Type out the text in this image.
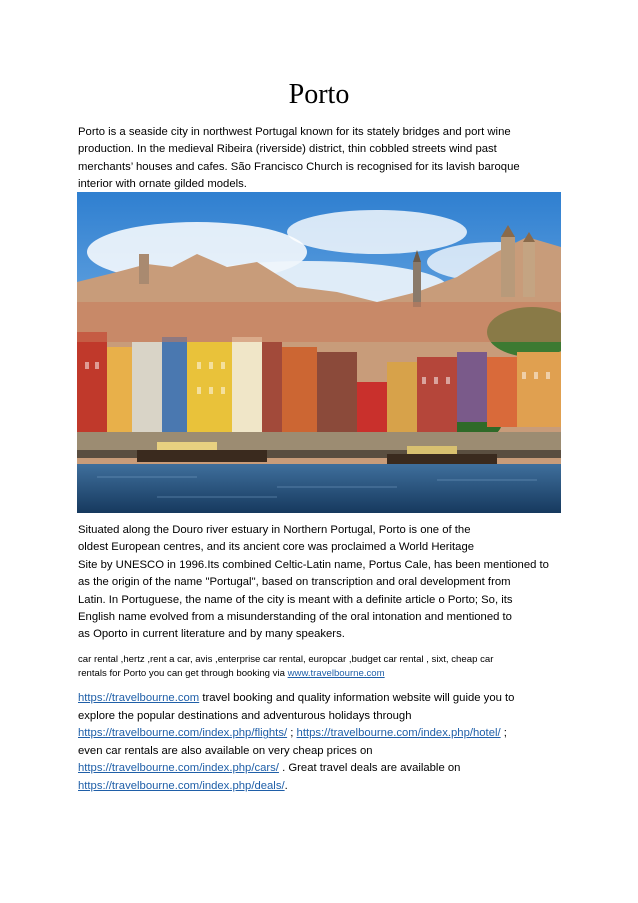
Porto

Porto is a seaside city in northwest Portugal known for its stately bridges and port wine
production. In the medieval Ribeira (riverside) district, thin cobbled streets wind past
merchants’ houses and cafes. São Francisco Church is recognised for its lavish baroque
interior with ornate gilded models.

Situated along the Douro river estuary in Northern Portugal, Porto is one of the
oldest European centres, and its ancient core was proclaimed a World Heritage
Site by UNESCO in 1996.Its combined Celtic-Latin name, Portus Cale, has been mentioned to
as the origin of the name "Portugal", based on transcription and oral development from
Latin. In Portuguese, the name of the city is meant with a definite article o Porto; So, its
English name evolved from a misunderstanding of the oral intonation and mentioned to
as Oporto in current literature and by many speakers.

car rental ,hertz ,rent a car, avis ,enterprise car rental, europcar ,budget car rental , sixt, cheap car
rentals for Porto you can get through booking via www.travelbourne.com

https://travelbourne.com travel booking and quality information website will guide you to
explore the popular destinations and adventurous holidays through
https://travelbourne.com/index.php/flights/ ; https://travelbourne.com/index.php/hotel/ ;
even car rentals are also available on very cheap prices on
https://travelbourne.com/index.php/cars/ . Great travel deals are available on
https://travelbourne.com/index.php/deals/.
